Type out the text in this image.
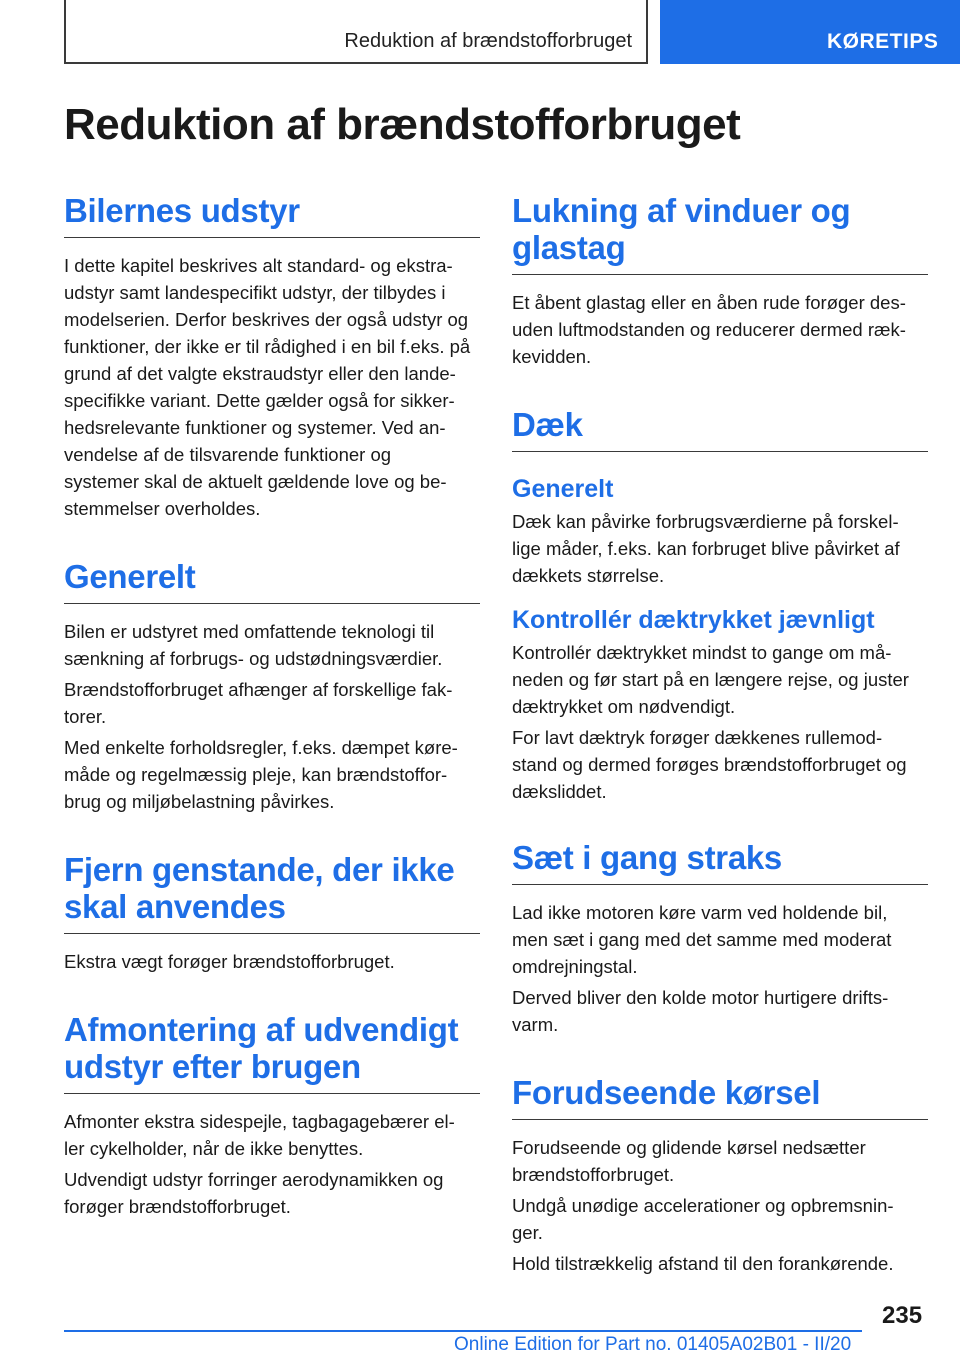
Reduktion af brændstofforbruget	KØRETIPS
Reduktion af brændstofforbruget
Bilernes udstyr

I dette kapitel beskrives alt standard- og ekstra-
udstyr samt landespecifikt udstyr, der tilbydes i
modelserien. Derfor beskrives der også udstyr og
funktioner, der ikke er til rådighed i en bil f.eks. på
grund af det valgte ekstraudstyr eller den lande-
specifikke variant. Dette gælder også for sikker-
hedsrelevante funktioner og systemer. Ved an-
vendelse af de tilsvarende funktioner og
systemer skal de aktuelt gældende love og be-
stemmelser overholdes.

Generelt

Bilen er udstyret med omfattende teknologi til
sænkning af forbrugs- og udstødningsværdier.

Brændstofforbruget afhænger af forskellige fak-
torer.

Med enkelte forholdsregler, f.eks. dæmpet køre-
måde og regelmæssig pleje, kan brændstoffor-
brug og miljøbelastning påvirkes.

Fjern genstande, der ikke
skal anvendes

Ekstra vægt forøger brændstofforbruget.

Afmontering af udvendigt
udstyr efter brugen

Afmonter ekstra sidespejle, tagbagagebærer el-
ler cykelholder, når de ikke benyttes.

Udvendigt udstyr forringer aerodynamikken og
forøger brændstofforbruget.

Lukning af vinduer og
glastag

Et åbent glastag eller en åben rude forøger des-
uden luftmodstanden og reducerer dermed ræk-
kevidden.

Dæk
Generelt

Dæk kan påvirke forbrugsværdierne på forskel-
lige måder, f.eks. kan forbruget blive påvirket af
dækkets størrelse.

Kontrollér dæktrykket jævnligt

Kontrollér dæktrykket mindst to gange om må-
neden og før start på en længere rejse, og juster
dæktrykket om nødvendigt.

For lavt dæktryk forøger dækkenes rullemod-
stand og dermed forøges brændstofforbruget og
dæksliddet.

Sæt i gang straks

Lad ikke motoren køre varm ved holdende bil,
men sæt i gang med det samme med moderat
omdrejningstal.

Derved bliver den kolde motor hurtigere drifts-
varm.

Forudseende kørsel

Forudseende og glidende kørsel nedsætter
brændstofforbruget.

Undgå unødige accelerationer og opbremsnin-
ger.

Hold tilstrækkelig afstand til den forankørende.

235
Online Edition for Part no. 01405A02B01 - II/20
